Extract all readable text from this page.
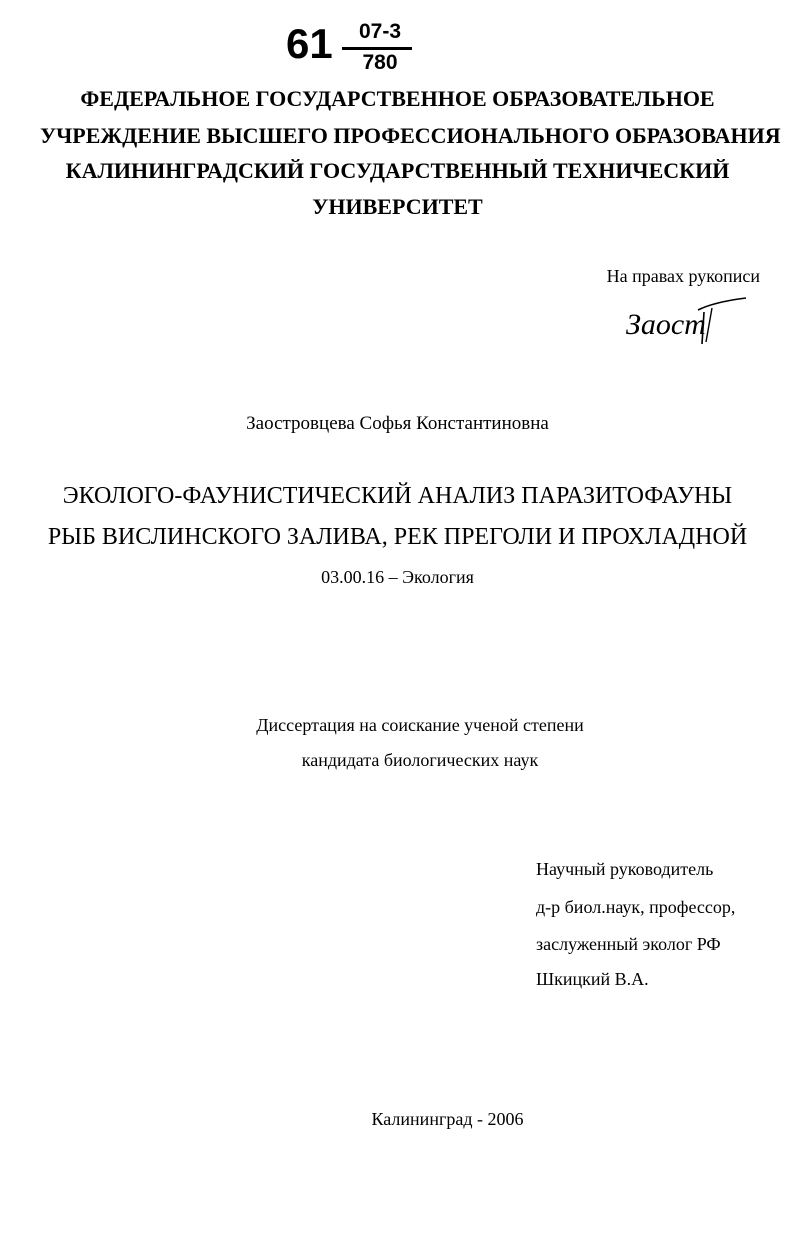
61	07-3
780
ФЕДЕРАЛЬНОЕ ГОСУДАРСТВЕННОЕ ОБРАЗОВАТЕЛЬНОЕ
УЧРЕЖДЕНИЕ ВЫСШЕГО ПРОФЕССИОНАЛЬНОГО ОБРАЗОВАНИЯ
КАЛИНИНГРАДСКИЙ ГОСУДАРСТВЕННЫЙ ТЕХНИЧЕСКИЙ
УНИВЕРСИТЕТ
На правах рукописи
Заост
Заостровцева Софья Константиновна
ЭКОЛОГО-ФАУНИСТИЧЕСКИЙ АНАЛИЗ ПАРАЗИТОФАУНЫ
РЫБ ВИСЛИНСКОГО ЗАЛИВА, РЕК ПРЕГОЛИ И ПРОХЛАДНОЙ
03.00.16 – Экология
Диссертация на соискание ученой степени
кандидата биологических наук
Научный руководитель
д-р биол.наук, профессор,
заслуженный эколог РФ
Шкицкий В.А.
Калининград - 2006
